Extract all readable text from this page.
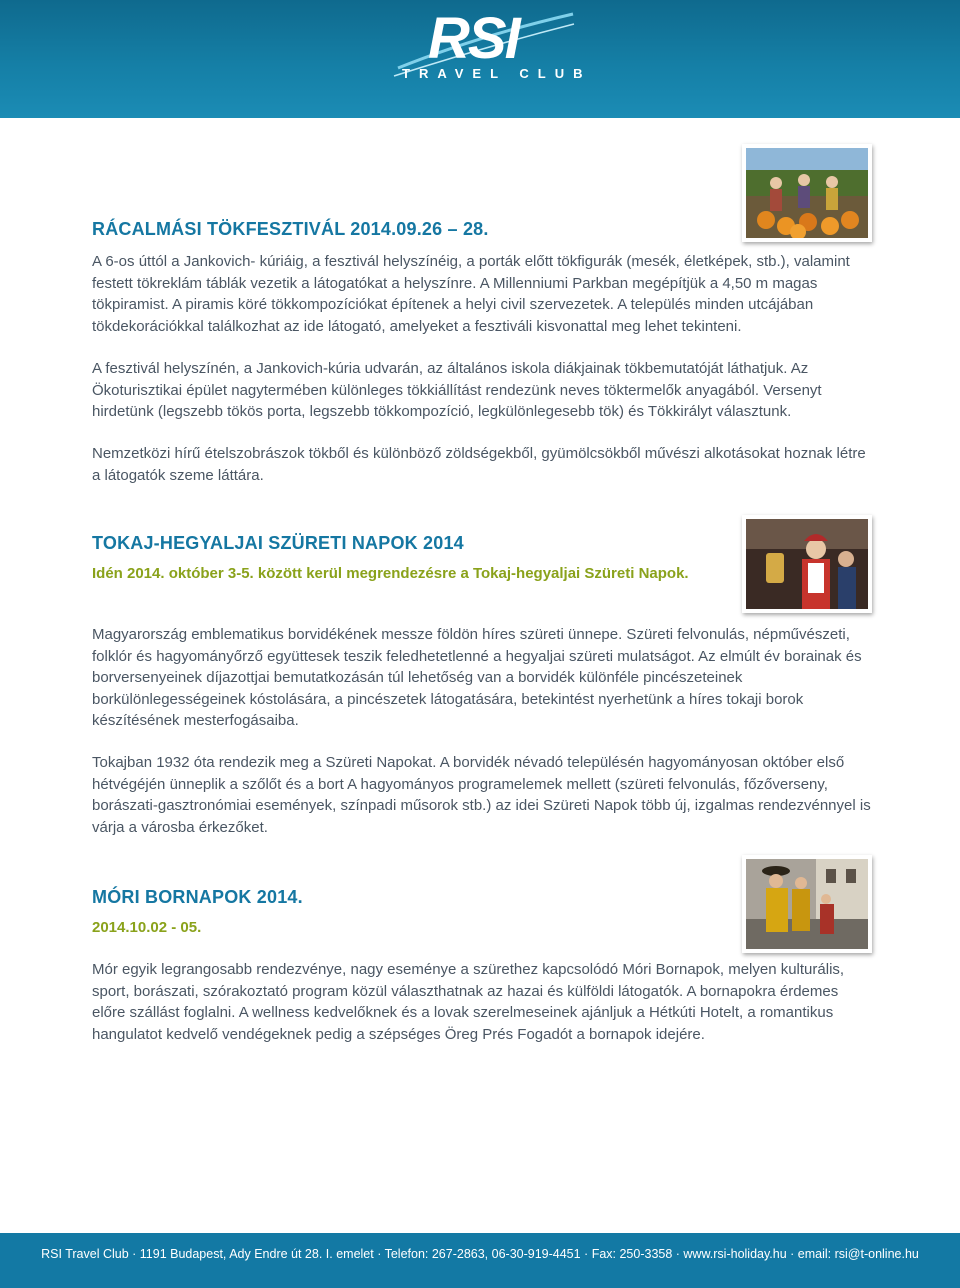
RSI
TRAVEL CLUB
RÁCALMÁSI TÖKFESZTIVÁL 2014.09.26 – 28.

A 6-os úttól a Jankovich- kúriáig, a fesztivál helyszínéig, a porták előtt tökfigurák (mesék, életképek, stb.), valamint festett tökreklám táblák vezetik a látogatókat a helyszínre. A Millenniumi Parkban megépítjük a 4,50 m magas tökpiramist. A piramis köré tökkompozíciókat építenek a helyi civil szervezetek. A település minden utcájában tökdekorációkkal találkozhat az ide látogató, amelyeket a fesztiváli kisvonattal meg lehet tekinteni.

A fesztivál helyszínén, a Jankovich-kúria udvarán, az általános iskola diákjainak tökbemutatóját láthatjuk. Az Ökoturisztikai épület nagytermében különleges tökkiállítást rendezünk neves töktermelők anyagából. Versenyt hirdetünk (legszebb tökös porta, legszebb tökkompozíció, legkülönlegesebb tök) és Tökkirályt választunk.

Nemzetközi hírű ételszobrászok tökből és különböző zöldségekből, gyümölcsökből művészi alkotásokat hoznak létre a látogatók szeme láttára.

TOKAJ-HEGYALJAI SZÜRETI NAPOK 2014

Idén 2014. október 3-5. között kerül megrendezésre a Tokaj-hegyaljai Szüreti Napok.

Magyarország emblematikus borvidékének messze földön híres szüreti ünnepe. Szüreti felvonulás, népművészeti, folklór és hagyományőrző együttesek teszik feledhetetlenné a hegyaljai szüreti mulatságot. Az elmúlt év borainak és borversenyeinek díjazottjai bemutatkozásán túl lehetőség van a borvidék különféle pincészeteinek borkülönlegességeinek kóstolására, a pincészetek látogatására, betekintést nyerhetünk a híres tokaji borok készítésének mesterfogásaiba.

Tokajban 1932 óta rendezik meg a Szüreti Napokat. A borvidék névadó településén hagyományosan október első hétvégéjén ünneplik a szőlőt és a bort A hagyományos programelemek mellett (szüreti felvonulás, főzőverseny, borászati-gasztronómiai események, színpadi műsorok stb.) az idei Szüreti Napok több új, izgalmas rendezvénnyel is várja a városba érkezőket.

MÓRI BORNAPOK 2014.

2014.10.02 - 05.

Mór egyik legrangosabb rendezvénye, nagy eseménye a szürethez kapcsolódó Móri Bornapok, melyen kulturális, sport, borászati, szórakoztató program közül választhatnak az hazai és külföldi látogatók. A bornapokra érdemes előre szállást foglalni. A wellness kedvelőknek és a lovak szerelmeseinek ajánljuk a Hétkúti Hotelt, a romantikus hangulatot kedvelő vendégeknek pedig a szépséges Öreg Prés Fogadót a bornapok idejére.

RSI Travel Club · 1191 Budapest, Ady Endre út 28. I. emelet · Telefon: 267-2863, 06-30-919-4451 · Fax: 250-3358 · www.rsi-holiday.hu · email: rsi@t-online.hu
